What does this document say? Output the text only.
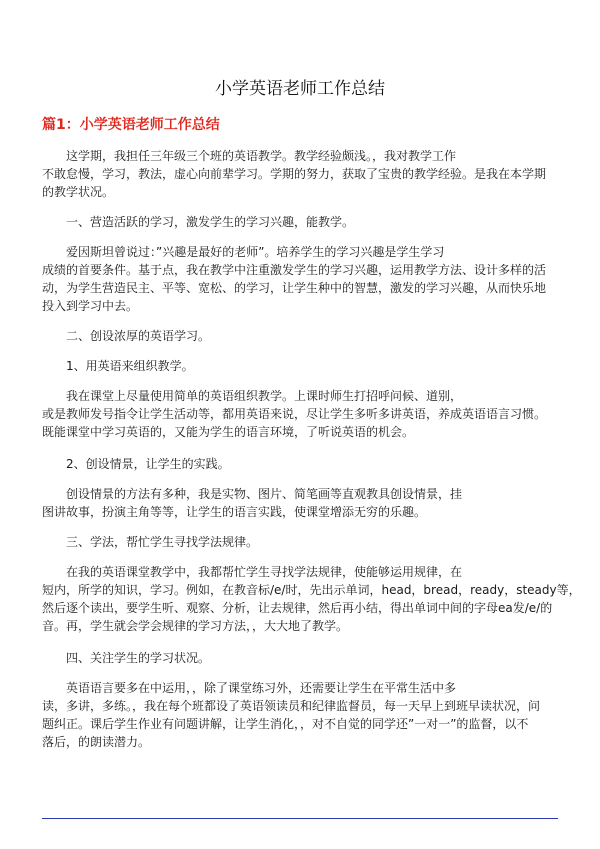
小学英语老师工作总结
篇1：小学英语老师工作总结
　　这学期，我担任三年级三个班的英语教学。教学经验颇浅。，我对教学工作
不敢怠慢，学习，教法，虚心向前辈学习。学期的努力，获取了宝贵的教学经验。是我在本学期
的教学状况。
　　一、营造活跃的学习，激发学生的学习兴趣，能教学。
　　爱因斯坦曾说过：”兴趣是最好的老师”。培养学生的学习兴趣是学生学习
成绩的首要条件。基于点，我在教学中注重激发学生的学习兴趣，运用教学方法、设计多样的活
动，为学生营造民主、平等、宽松、的学习，让学生种中的智慧，激发的学习兴趣，从而快乐地
投入到学习中去。
　　二、创设浓厚的英语学习。
　　1、用英语来组织教学。
　　我在课堂上尽量使用简单的英语组织教学。上课时师生打招呼问候、道别，
或是教师发号指令让学生活动等，都用英语来说，尽让学生多听多讲英语，养成英语语言习惯。
既能课堂中学习英语的，又能为学生的语言环境，了听说英语的机会。
　　2、创设情景，让学生的实践。
　　创设情景的方法有多种，我是实物、图片、简笔画等直观教具创设情景，挂
图讲故事，扮演主角等等，让学生的语言实践，使课堂增添无穷的乐趣。
　　三、学法，帮忙学生寻找学法规律。
　　在我的英语课堂教学中，我都帮忙学生寻找学法规律，使能够运用规律，在
短内，所学的知识，学习。例如，在教音标/e/时，先出示单词，head，bread，ready，steady等，
然后逐个读出，要学生听、观察、分析，让去规律，然后再小结，得出单词中间的字母ea发/e/的
音。再，学生就会学会规律的学习方法，，大大地了教学。
　　四、关注学生的学习状况。
　　英语语言要多在中运用，，除了课堂练习外，还需要让学生在平常生活中多
读，多讲，多练。，我在每个班都设了英语领读员和纪律监督员，每一天早上到班早读状况，问
题纠正。课后学生作业有问题讲解，让学生消化，，对不自觉的同学还”一对一”的监督，以不
落后，的朗读潜力。
